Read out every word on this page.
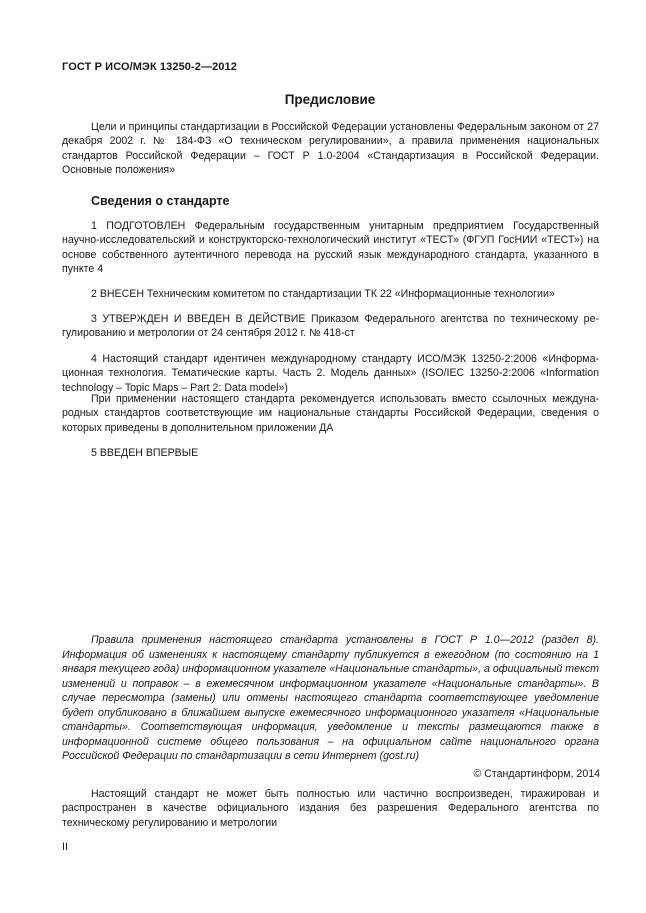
ГОСТ Р ИСО/МЭК 13250-2—2012
Предисловие

Цели и принципы стандартизации в Российской Федерации установлены Федеральным законом от 27 декабря 2002 г. № 184-ФЗ «О техническом регулировании», а правила применения национальных стандартов Российской Федерации – ГОСТ Р 1.0-2004 «Стандартизация в Российской Федерации. Основные положения»

Сведения о стандарте

1 ПОДГОТОВЛЕН Федеральным государственным унитарным предприятием Государственный научно-исследовательский и конструкторско-технологический институт «ТЕСТ» (ФГУП ГосНИИ «ТЕСТ») на основе собственного аутентичного перевода на русский язык международного стандарта, указанного в пункте 4

2 ВНЕСЕН Техническим комитетом по стандартизации ТК 22 «Информационные технологии»

3 УТВЕРЖДЕН И ВВЕДЕН В ДЕЙСТВИЕ Приказом Федерального агентства по техническому регулированию и метрологии от 24 сентября 2012 г. № 418-ст

4 Настоящий стандарт идентичен международному стандарту ИСО/МЭК 13250-2:2006 «Информационная технология. Тематические карты. Часть 2. Модель данных» (ISO/IEC 13250-2:2006 «Information technology – Topic Maps – Part 2: Data model»)

При применении настоящего стандарта рекомендуется использовать вместо ссылочных международных стандартов соответствующие им национальные стандарты Российской Федерации, сведения о которых приведены в дополнительном приложении ДА

5 ВВЕДЕН ВПЕРВЫЕ

Правила применения настоящего стандарта установлены в ГОСТ Р 1.0—2012 (раздел 8). Информация об изменениях к настоящему стандарту публикуется в ежегодном (по состоянию на 1 января текущего года) информационном указателе «Национальные стандарты», а официальный текст изменений и поправок – в ежемесячном информационном указателе «Национальные стандарты». В случае пересмотра (замены) или отмены настоящего стандарта соответствующее уведомление будет опубликовано в ближайшем выпуске ежемесячного информационного указателя «Национальные стандарты». Соответствующая информация, уведомление и тексты размещаются также в информационной системе общего пользования – на официальном сайте национального органа Российской Федерации по стандартизации в сети Интернет (gost.ru)

© Стандартинформ, 2014

Настоящий стандарт не может быть полностью или частично воспроизведен, тиражирован и распространен в качестве официального издания без разрешения Федерального агентства по техническому регулированию и метрологии

II
